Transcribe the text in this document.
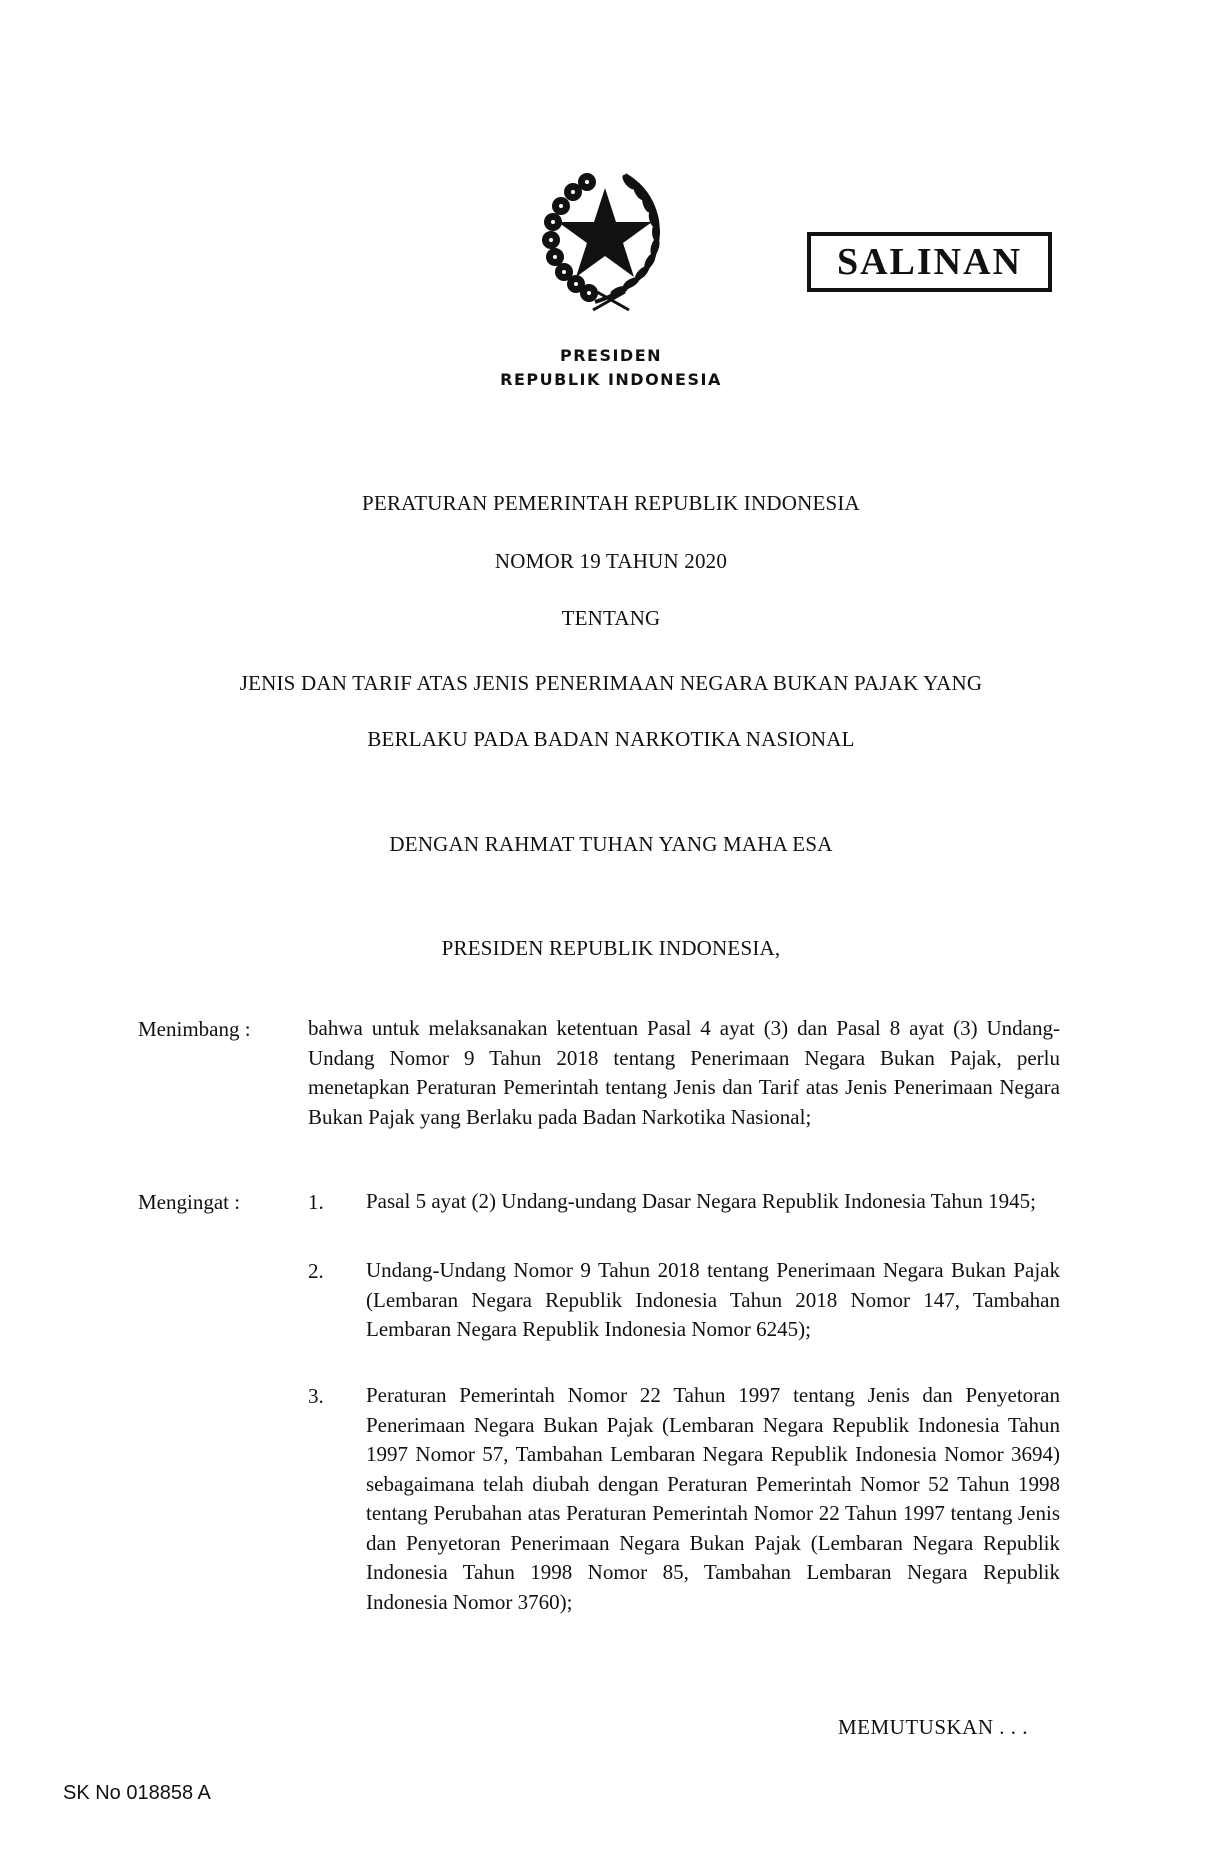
PRESIDEN
REPUBLIK INDONESIA
SALINAN
PERATURAN PEMERINTAH REPUBLIK INDONESIA
NOMOR 19 TAHUN 2020
TENTANG
JENIS DAN TARIF ATAS JENIS PENERIMAAN NEGARA BUKAN PAJAK YANG
BERLAKU PADA BADAN NARKOTIKA NASIONAL
DENGAN RAHMAT TUHAN YANG MAHA ESA
PRESIDEN REPUBLIK INDONESIA,
Menimbang :	bahwa untuk melaksanakan ketentuan Pasal 4 ayat (3) dan Pasal 8 ayat (3) Undang-Undang Nomor 9 Tahun 2018 tentang Penerimaan Negara Bukan Pajak, perlu menetapkan Peraturan Pemerintah tentang Jenis dan Tarif atas Jenis Penerimaan Negara Bukan Pajak yang Berlaku pada Badan Narkotika Nasional;
Mengingat :	1. Pasal 5 ayat (2) Undang-undang Dasar Negara Republik Indonesia Tahun 1945;
2. Undang-Undang Nomor 9 Tahun 2018 tentang Penerimaan Negara Bukan Pajak (Lembaran Negara Republik Indonesia Tahun 2018 Nomor 147, Tambahan Lembaran Negara Republik Indonesia Nomor 6245);
3. Peraturan Pemerintah Nomor 22 Tahun 1997 tentang Jenis dan Penyetoran Penerimaan Negara Bukan Pajak (Lembaran Negara Republik Indonesia Tahun 1997 Nomor 57, Tambahan Lembaran Negara Republik Indonesia Nomor 3694) sebagaimana telah diubah dengan Peraturan Pemerintah Nomor 52 Tahun 1998 tentang Perubahan atas Peraturan Pemerintah Nomor 22 Tahun 1997 tentang Jenis dan Penyetoran Penerimaan Negara Bukan Pajak (Lembaran Negara Republik Indonesia Tahun 1998 Nomor 85, Tambahan Lembaran Negara Republik Indonesia Nomor 3760);
MEMUTUSKAN . . .
SK No 018858 A
